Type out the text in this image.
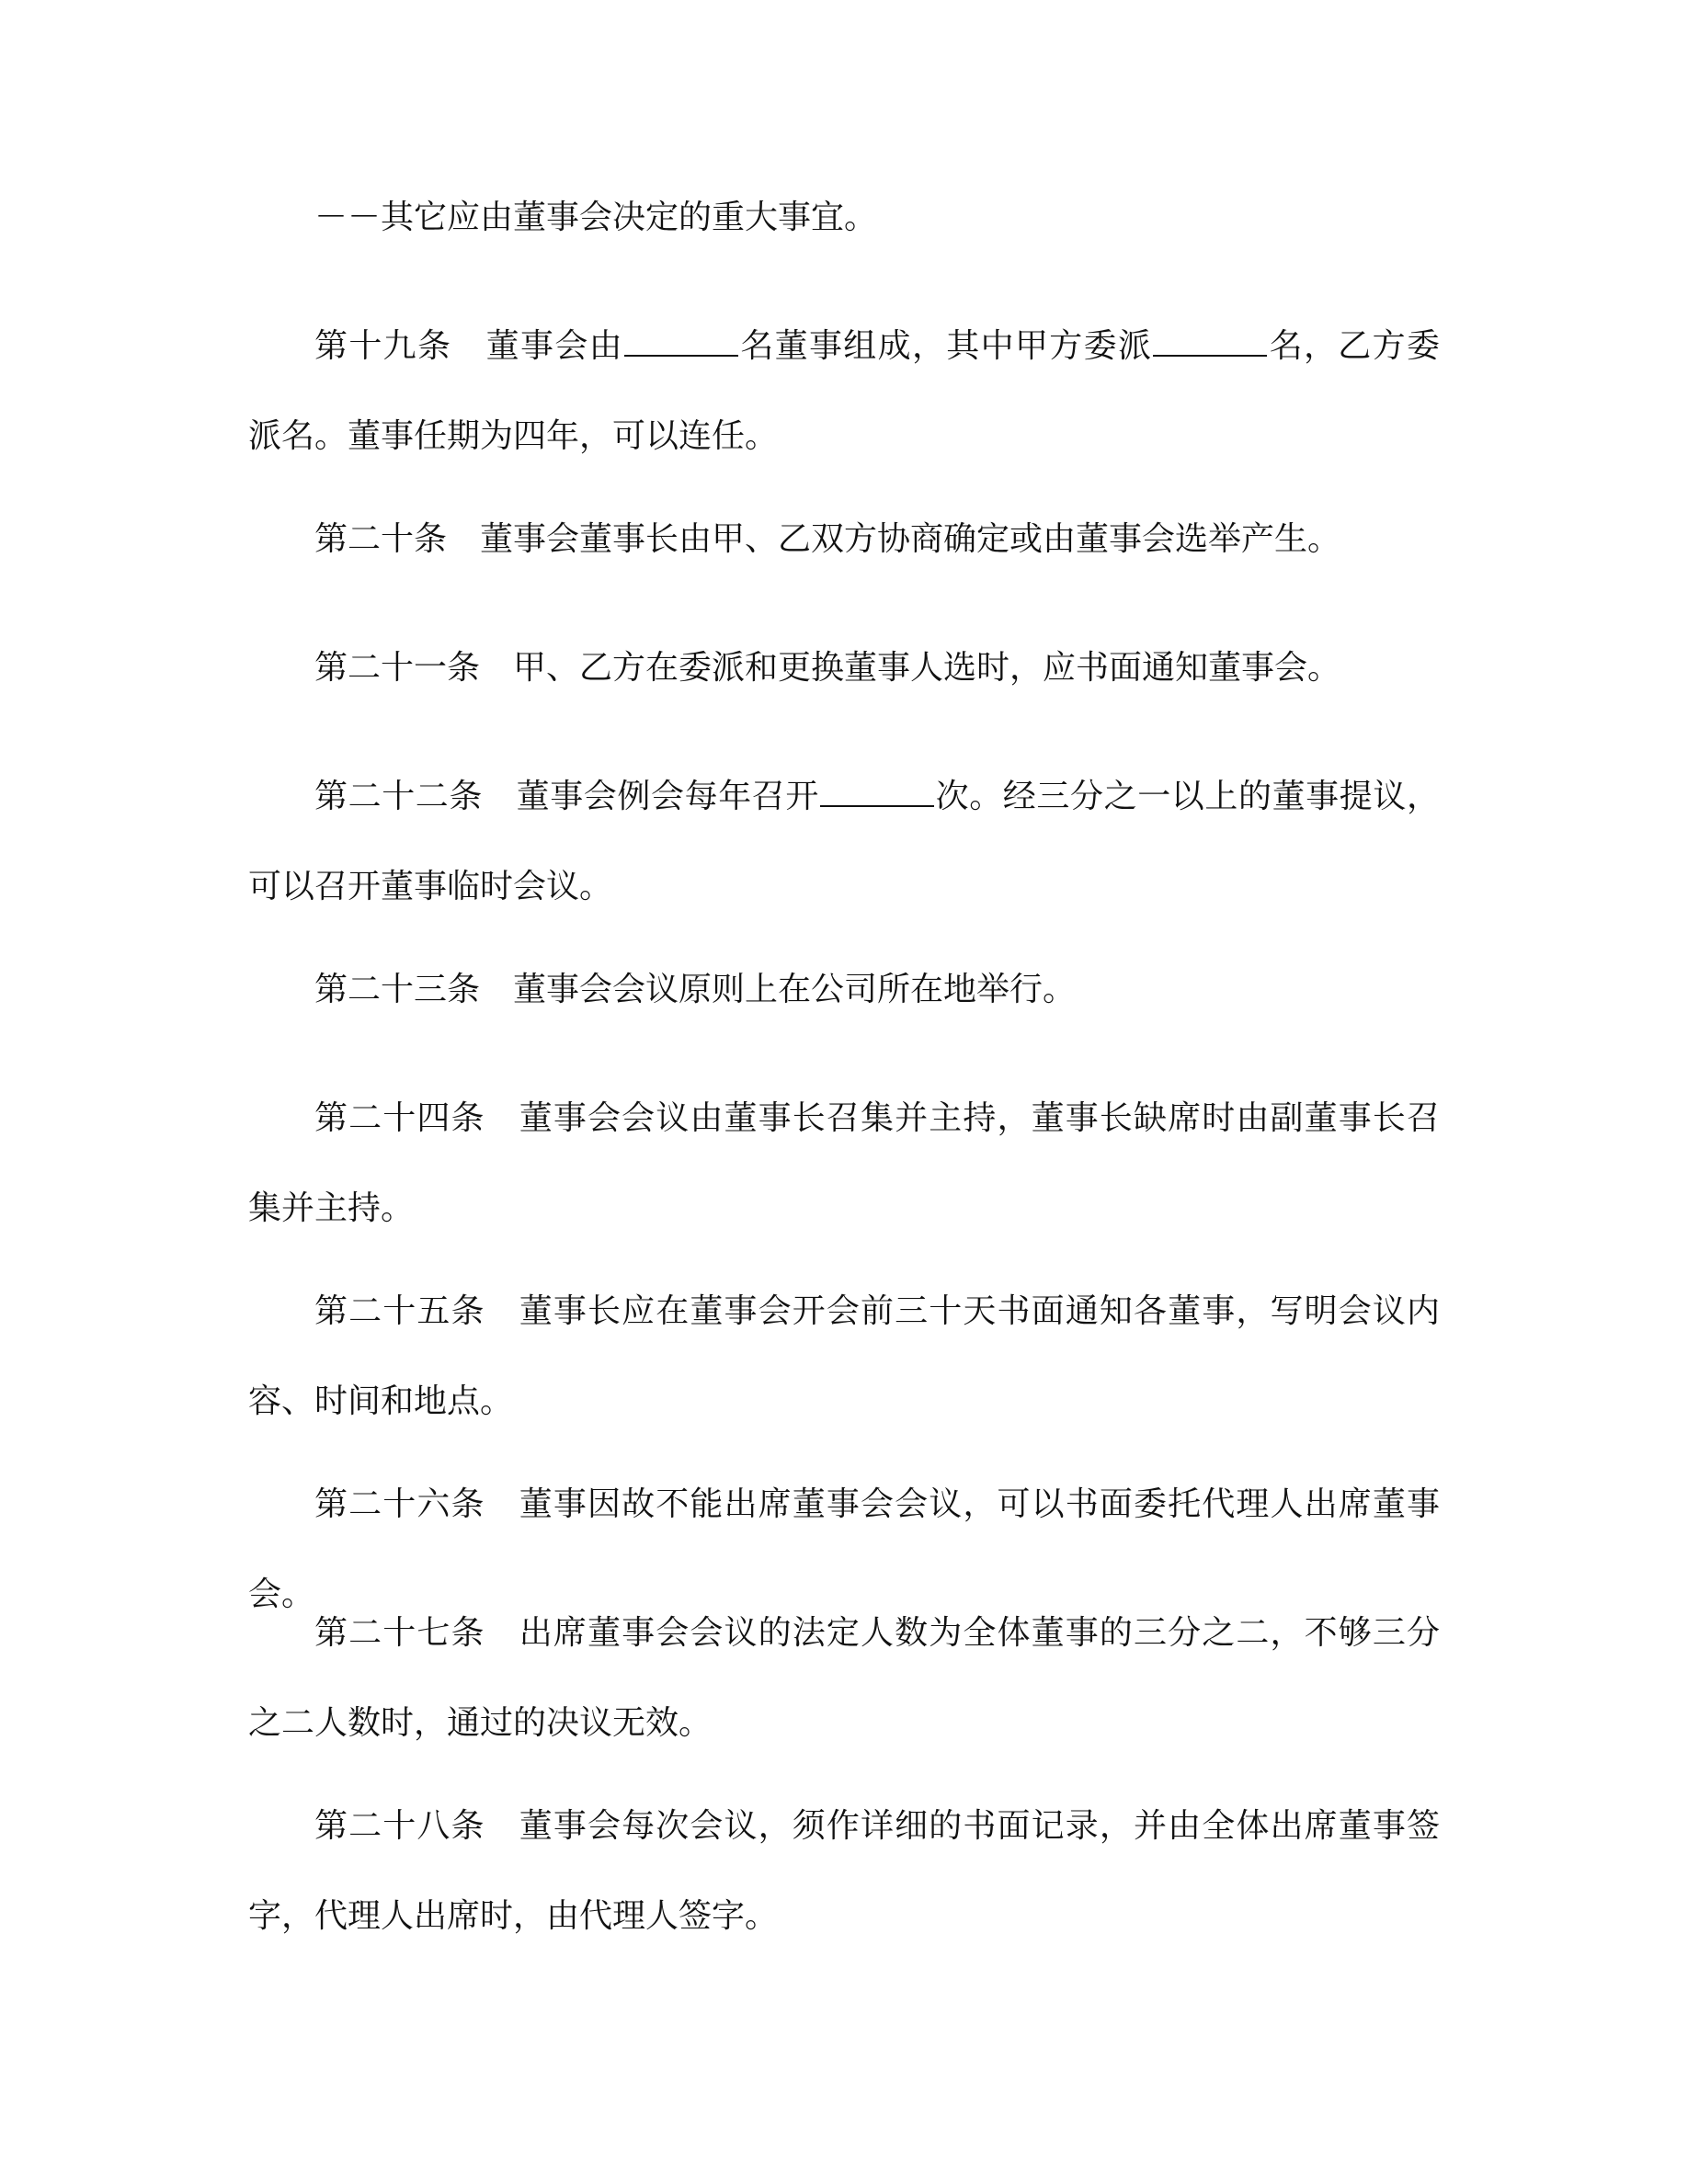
－－其它应由董事会决定的重大事宜。

第十九条 董事会由	名董事组成，其中甲方委派	名，乙方委派名。董事任期为四年，可以连任。

第二十条 董事会董事长由甲、乙双方协商确定或由董事会选举产生。

第二十一条 甲、乙方在委派和更换董事人选时，应书面通知董事会。

第二十二条 董事会例会每年召开	次。经三分之一以上的董事提议，可以召开董事临时会议。

第二十三条 董事会会议原则上在公司所在地举行。

第二十四条 董事会会议由董事长召集并主持，董事长缺席时由副董事长召集并主持。

第二十五条 董事长应在董事会开会前三十天书面通知各董事，写明会议内容、时间和地点。

第二十六条 董事因故不能出席董事会会议，可以书面委托代理人出席董事会。

第二十七条 出席董事会会议的法定人数为全体董事的三分之二，不够三分之二人数时，通过的决议无效。

第二十八条 董事会每次会议，须作详细的书面记录，并由全体出席董事签字，代理人出席时，由代理人签字。
